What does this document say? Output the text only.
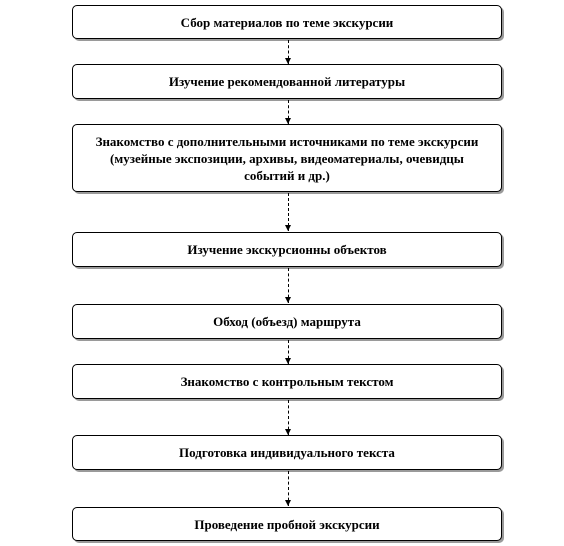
Сбор материалов по теме экскурсии
Изучение рекомендованной литературы
Знакомство с дополнительными источниками по теме экскурсии (музейные экспозиции, архивы, видеоматериалы, очевидцы событий и др.)
Изучение экскурсионны объектов
Обход (объезд) маршрута
Знакомство с контрольным текстом
Подготовка индивидуального текста
Проведение пробной экскурсии
